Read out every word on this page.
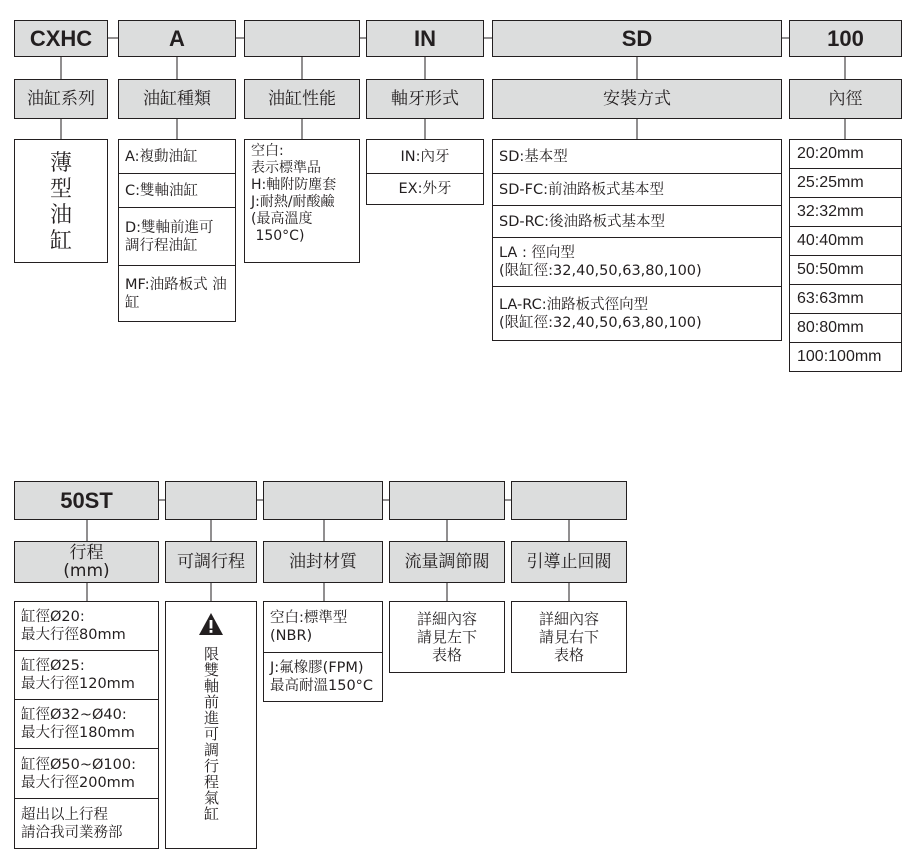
CXHC	A	IN	SD	100
油缸系列	油缸種類	油缸性能	軸牙形式	安裝方式	內徑
薄型油缸
A:複動油缸
C:雙軸油缸
D:雙軸前進可 調行程油缸
MF:油路板式 油缸
空白:
表示標準品
H:軸附防塵套
J:耐熱/耐酸鹼
(最高溫度
150°C)
IN:內牙
EX:外牙
SD:基本型
SD-FC:前油路板式基本型
SD-RC:後油路板式基本型
LA : 徑向型
(限缸徑:32,40,50,63,80,100)
LA-RC:油路板式徑向型
(限缸徑:32,40,50,63,80,100)
20:20mm
25:25mm
32:32mm
40:40mm
50:50mm
63:63mm
80:80mm
100:100mm
50ST
行程
(mm)	可調行程	油封材質	流量調節閥	引導止回閥
缸徑Ø20:
最大行徑80mm
缸徑Ø25:
最大行徑120mm
缸徑Ø32~Ø40:
最大行徑180mm
缸徑Ø50~Ø100:
最大行徑200mm
超出以上行程
請洽我司業務部
限雙軸前進可調行程氣缸
空白:標準型
(NBR)
J:氟橡膠(FPM)
最高耐溫150°C
詳細內容
請見左下
表格
詳細內容
請見右下
表格
